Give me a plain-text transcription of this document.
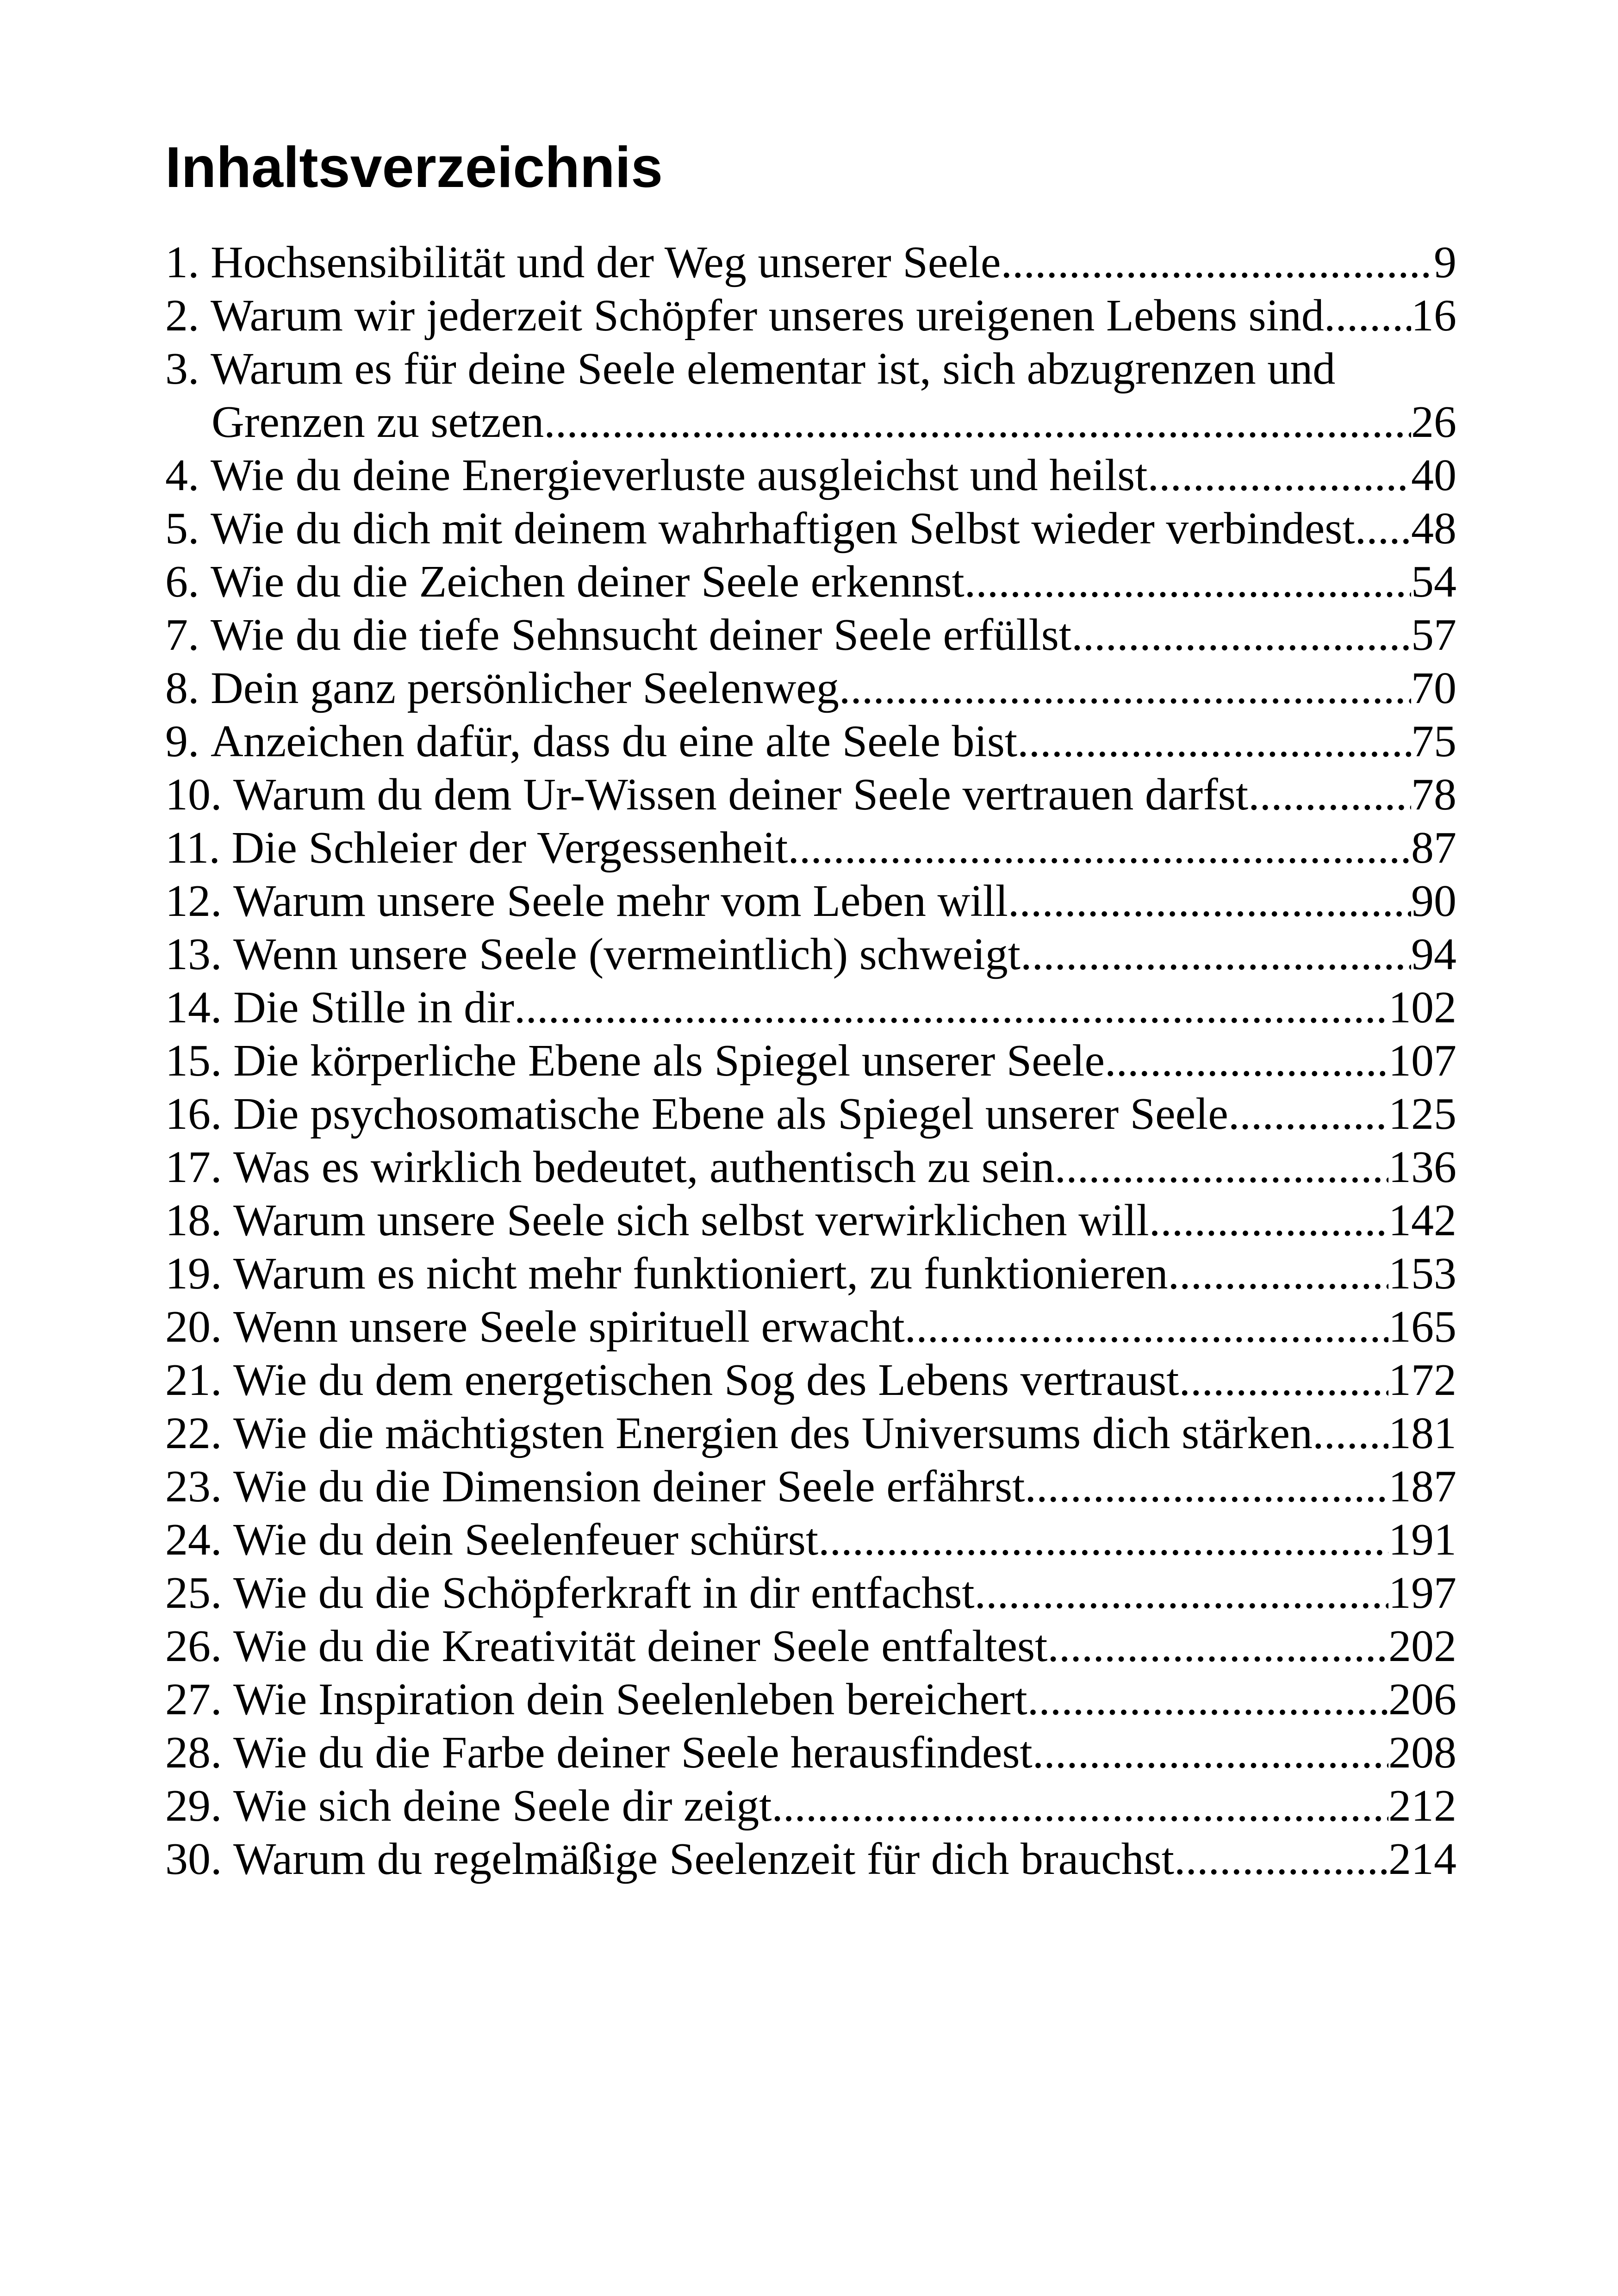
Inhaltsverzeichnis
1.
Hochsensibilität und der Weg unserer Seele .....	9
2.
Warum wir jederzeit Schöpfer unseres ureigenen Lebens sind ..... 16
3.
Warum es für deine Seele elementar ist, sich abzugrenzen und
Grenzen zu setzen .....	26
4.
Wie du deine Energieverluste ausgleichst und heilst .....	40
5.
Wie du dich mit deinem wahrhaftigen Selbst wieder verbindest. ..... 48
6.
Wie du die Zeichen deiner Seele erkennst .....	54
7.
Wie du die tiefe Sehnsucht deiner Seele erfüllst .....	57
8.
Dein ganz persönlicher Seelenweg .....	70
9.
Anzeichen dafür, dass du eine alte Seele bist .....	75
10.
Warum du dem Ur-Wissen deiner Seele vertrauen darfst .....	78
11.
Die Schleier der Vergessenheit .....	87
12.
Warum unsere Seele mehr vom Leben will .....	90
13.
Wenn unsere Seele (vermeintlich) schweigt .....	94
14.
Die Stille in dir .....	102
15.
Die körperliche Ebene als Spiegel unserer Seele .....	107
16.
Die psychosomatische Ebene als Spiegel unserer Seele .....	125
17.
Was es wirklich bedeutet, authentisch zu sein .....	136
18.
Warum unsere Seele sich selbst verwirklichen will .....	142
19.
Warum es nicht mehr funktioniert, zu funktionieren .....	153
20.
Wenn unsere Seele spirituell erwacht .....	165
21.
Wie du dem energetischen Sog des Lebens vertraust .....	172
22.
Wie die mächtigsten Energien des Universums dich stärken ..... 181
23.
Wie du die Dimension deiner Seele erfährst .....	187
24.
Wie du dein Seelenfeuer schürst .....	191
25.
Wie du die Schöpferkraft in dir entfachst .....	197
26.
Wie du die Kreativität deiner Seele entfaltest .....	202
27.
Wie Inspiration dein Seelenleben bereichert .....	206
28.
Wie du die Farbe deiner Seele herausfindest .....	208
29.
Wie sich deine Seele dir zeigt .....	212
30.
Warum du regelmäßige Seelenzeit für dich brauchst .....	214
